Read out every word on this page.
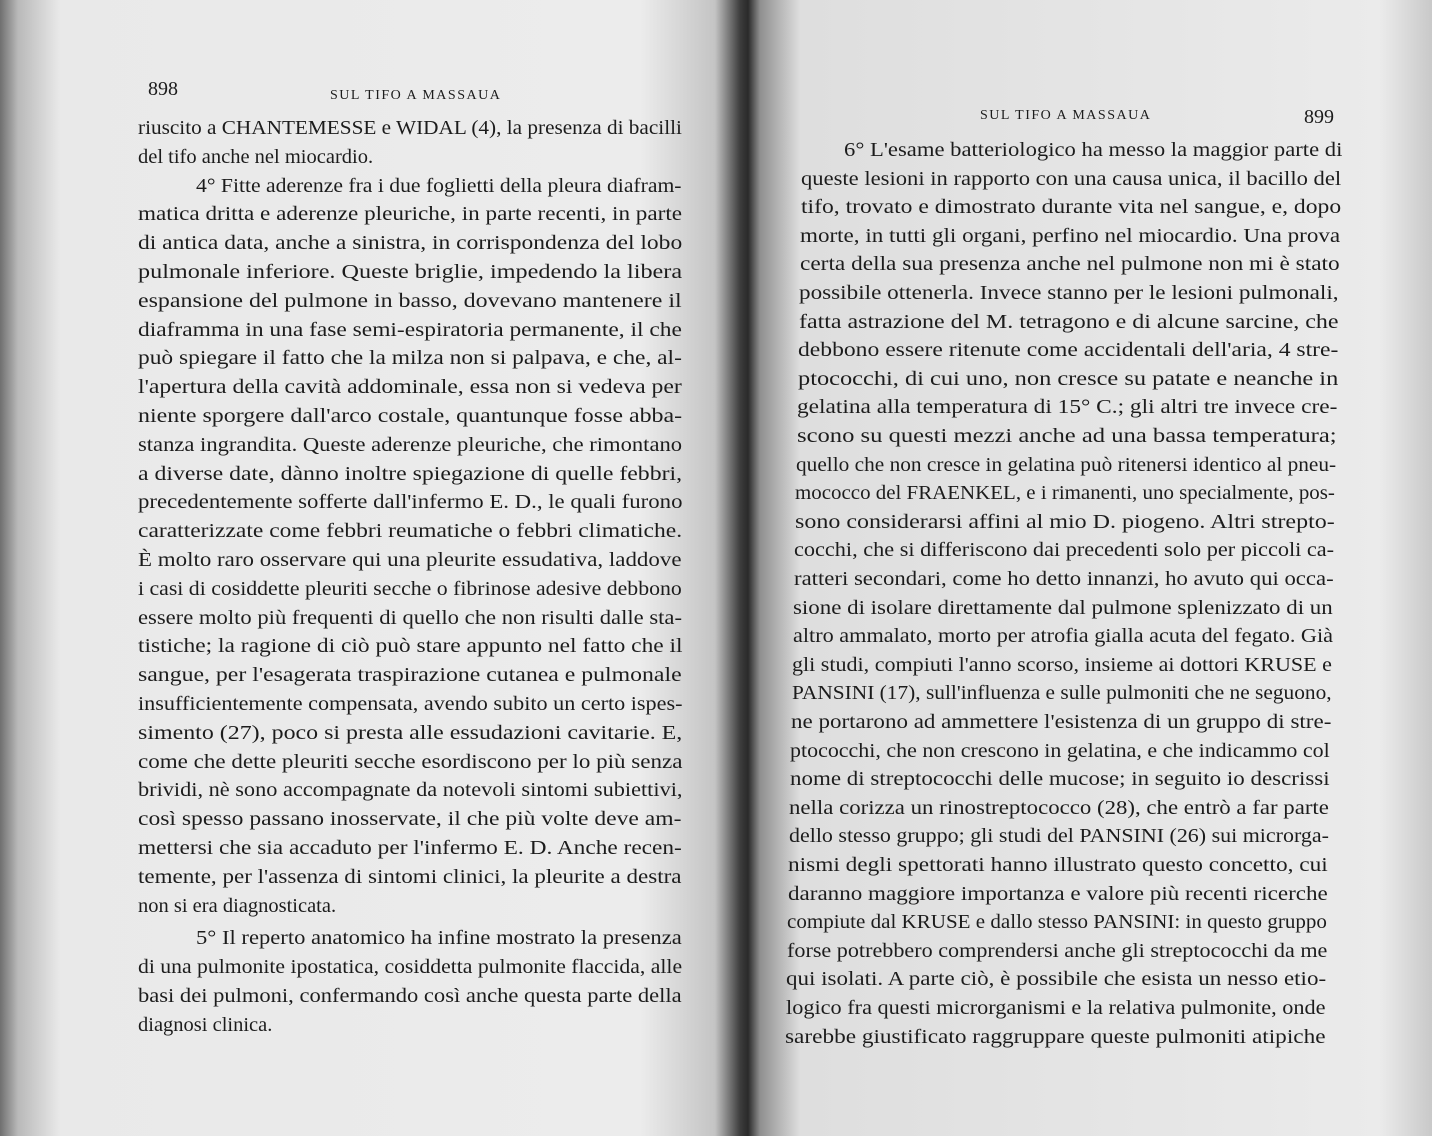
898	SUL TIFO A MASSAUA
riuscito a CHANTEMESSE e WIDAL (4), la presenza di bacilli
del tifo anche nel miocardio.
4° Fitte aderenze fra i due foglietti della pleura diafram-
matica dritta e aderenze pleuriche, in parte recenti, in parte
di antica data, anche a sinistra, in corrispondenza del lobo
pulmonale inferiore. Queste briglie, impedendo la libera
espansione del pulmone in basso, dovevano mantenere il
diaframma in una fase semi-espiratoria permanente, il che
può spiegare il fatto che la milza non si palpava, e che, al-
l'apertura della cavità addominale, essa non si vedeva per
niente sporgere dall'arco costale, quantunque fosse abba-
stanza ingrandita. Queste aderenze pleuriche, che rimontano
a diverse date, dànno inoltre spiegazione di quelle febbri,
precedentemente sofferte dall'infermo E. D., le quali furono
caratterizzate come febbri reumatiche o febbri climatiche.
È molto raro osservare qui una pleurite essudativa, laddove
i casi di cosiddette pleuriti secche o fibrinose adesive debbono
essere molto più frequenti di quello che non risulti dalle sta-
tistiche; la ragione di ciò può stare appunto nel fatto che il
sangue, per l'esagerata traspirazione cutanea e pulmonale
insufficientemente compensata, avendo subito un certo ispes-
simento (27), poco si presta alle essudazioni cavitarie. E,
come che dette pleuriti secche esordiscono per lo più senza
brividi, nè sono accompagnate da notevoli sintomi subiettivi,
così spesso passano inosservate, il che più volte deve am-
mettersi che sia accaduto per l'infermo E. D. Anche recen-
temente, per l'assenza di sintomi clinici, la pleurite a destra
non si era diagnosticata.
5° Il reperto anatomico ha infine mostrato la presenza
di una pulmonite ipostatica, cosiddetta pulmonite flaccida, alle
basi dei pulmoni, confermando così anche questa parte della
diagnosi clinica.
SUL TIFO A MASSAUA	899
6° L'esame batteriologico ha messo la maggior parte di
queste lesioni in rapporto con una causa unica, il bacillo del
tifo, trovato e dimostrato durante vita nel sangue, e, dopo
morte, in tutti gli organi, perfino nel miocardio. Una prova
certa della sua presenza anche nel pulmone non mi è stato
possibile ottenerla. Invece stanno per le lesioni pulmonali,
fatta astrazione del M. tetragono e di alcune sarcine, che
debbono essere ritenute come accidentali dell'aria, 4 stre-
ptococchi, di cui uno, non cresce su patate e neanche in
gelatina alla temperatura di 15° C.; gli altri tre invece cre-
scono su questi mezzi anche ad una bassa temperatura;
quello che non cresce in gelatina può ritenersi identico al pneu-
mococco del FRAENKEL, e i rimanenti, uno specialmente, pos-
sono considerarsi affini al mio D. piogeno. Altri strepto-
cocchi, che si differiscono dai precedenti solo per piccoli ca-
ratteri secondari, come ho detto innanzi, ho avuto qui occa-
sione di isolare direttamente dal pulmone splenizzato di un
altro ammalato, morto per atrofia gialla acuta del fegato. Già
gli studi, compiuti l'anno scorso, insieme ai dottori KRUSE e
PANSINI (17), sull'influenza e sulle pulmoniti che ne seguono,
ne portarono ad ammettere l'esistenza di un gruppo di stre-
ptococchi, che non crescono in gelatina, e che indicammo col
nome di streptococchi delle mucose; in seguito io descrissi
nella corizza un rinostreptococco (28), che entrò a far parte
dello stesso gruppo; gli studi del PANSINI (26) sui microrga-
nismi degli spettorati hanno illustrato questo concetto, cui
daranno maggiore importanza e valore più recenti ricerche
compiute dal KRUSE e dallo stesso PANSINI: in questo gruppo
forse potrebbero comprendersi anche gli streptococchi da me
qui isolati. A parte ciò, è possibile che esista un nesso etio-
logico fra questi microrganismi e la relativa pulmonite, onde
sarebbe giustificato raggruppare queste pulmoniti atipiche
